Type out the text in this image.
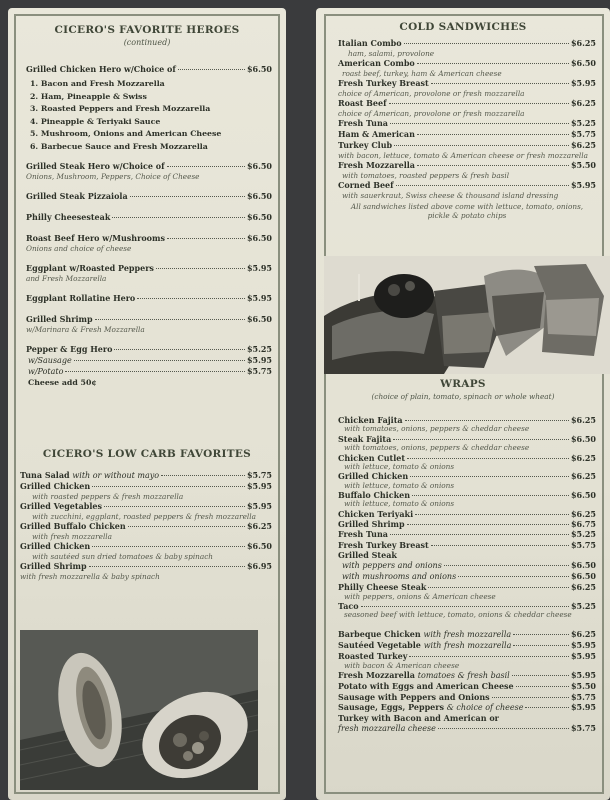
CICERO'S FAVORITE HEROES
(continued)
Grilled Chicken Hero w/Choice of	$6.50
1. Bacon and Fresh Mozzarella
2. Ham, Pineapple & Swiss
3. Roasted Peppers and Fresh Mozzarella
4. Pineapple & Teriyaki Sauce
5. Mushroom, Onions and American Cheese
6. Barbecue Sauce and Fresh Mozzarella
Grilled Steak Hero w/Choice of	$6.50
Onions, Mushroom, Peppers, Choice of Cheese
Grilled Steak Pizzaiola	$6.50
Philly Cheesesteak	$6.50
Roast Beef Hero w/Mushrooms	$6.50
Onions and choice of cheese
Eggplant w/Roasted Peppers	$5.95
and Fresh Mozzarella
Eggplant Rollatine Hero	$5.95
Grilled Shrimp	$6.50
w/Marinara & Fresh Mozzarella
Pepper & Egg Hero	$5.25
w/Sausage	$5.95
w/Potato	$5.75
Cheese add 50¢
CICERO'S LOW CARB FAVORITES
Tuna Salad with or without mayo	$5.75
Grilled Chicken	$5.95
with roasted peppers & fresh mozzarella
Grilled Vegetables	$5.95
with zucchini, eggplant, roasted peppers & fresh mozzarella
Grilled Buffalo Chicken	$6.25
with fresh mozzarella
Grilled Chicken	$6.50
with sautéed sun dried tomatoes & baby spinach
Grilled Shrimp	$6.95
with fresh mozzarella & baby spinach
COLD SANDWICHES
Italian Combo	$6.25
ham, salami, provolone
American Combo	$6.50
roast beef, turkey, ham & American cheese
Fresh Turkey Breast	$5.95
choice of American, provolone or fresh mozzarella
Roast Beef	$6.25
choice of American, provolone or fresh mozzarella
Fresh Tuna	$5.25
Ham & American	$5.75
Turkey Club	$6.25
with bacon, lettuce, tomato & American cheese or fresh mozzarella
Fresh Mozzarella	$5.50
with tomatoes, roasted peppers & fresh basil
Corned Beef	$5.95
with sauerkraut, Swiss cheese & thousand island dressing
All sandwiches listed above come with lettuce, tomato, onions, pickle & potato chips
WRAPS
(choice of plain, tomato, spinach or whole wheat)
Chicken Fajita	$6.25
with tomatoes, onions, peppers & cheddar cheese
Steak Fajita	$6.50
with tomatoes, onions, peppers & cheddar cheese
Chicken Cutlet	$6.25
with lettuce, tomato & onions
Grilled Chicken	$6.25
with lettuce, tomato & onions
Buffalo Chicken	$6.50
with lettuce, tomato & onions
Chicken Teriyaki	$6.25
Grilled Shrimp	$6.75
Fresh Tuna	$5.25
Fresh Turkey Breast	$5.75
Grilled Steak
with peppers and onions	$6.50
with mushrooms and onions	$6.50
Philly Cheese Steak	$6.25
with peppers, onions & American cheese
Taco	$5.25
seasoned beef with lettuce, tomato, onions & cheddar cheese
Barbeque Chicken with fresh mozzarella	$6.25
Sautéed Vegetable with fresh mozzarella	$5.95
Roasted Turkey	$5.95
with bacon & American cheese
Fresh Mozzarella tomatoes & fresh basil	$5.95
Potato with Eggs and American Cheese	$5.50
Sausage with Peppers and Onions	$5.75
Sausage, Eggs, Peppers & choice of cheese	$5.95
Turkey with Bacon and American or
fresh mozzarella cheese	$5.75
